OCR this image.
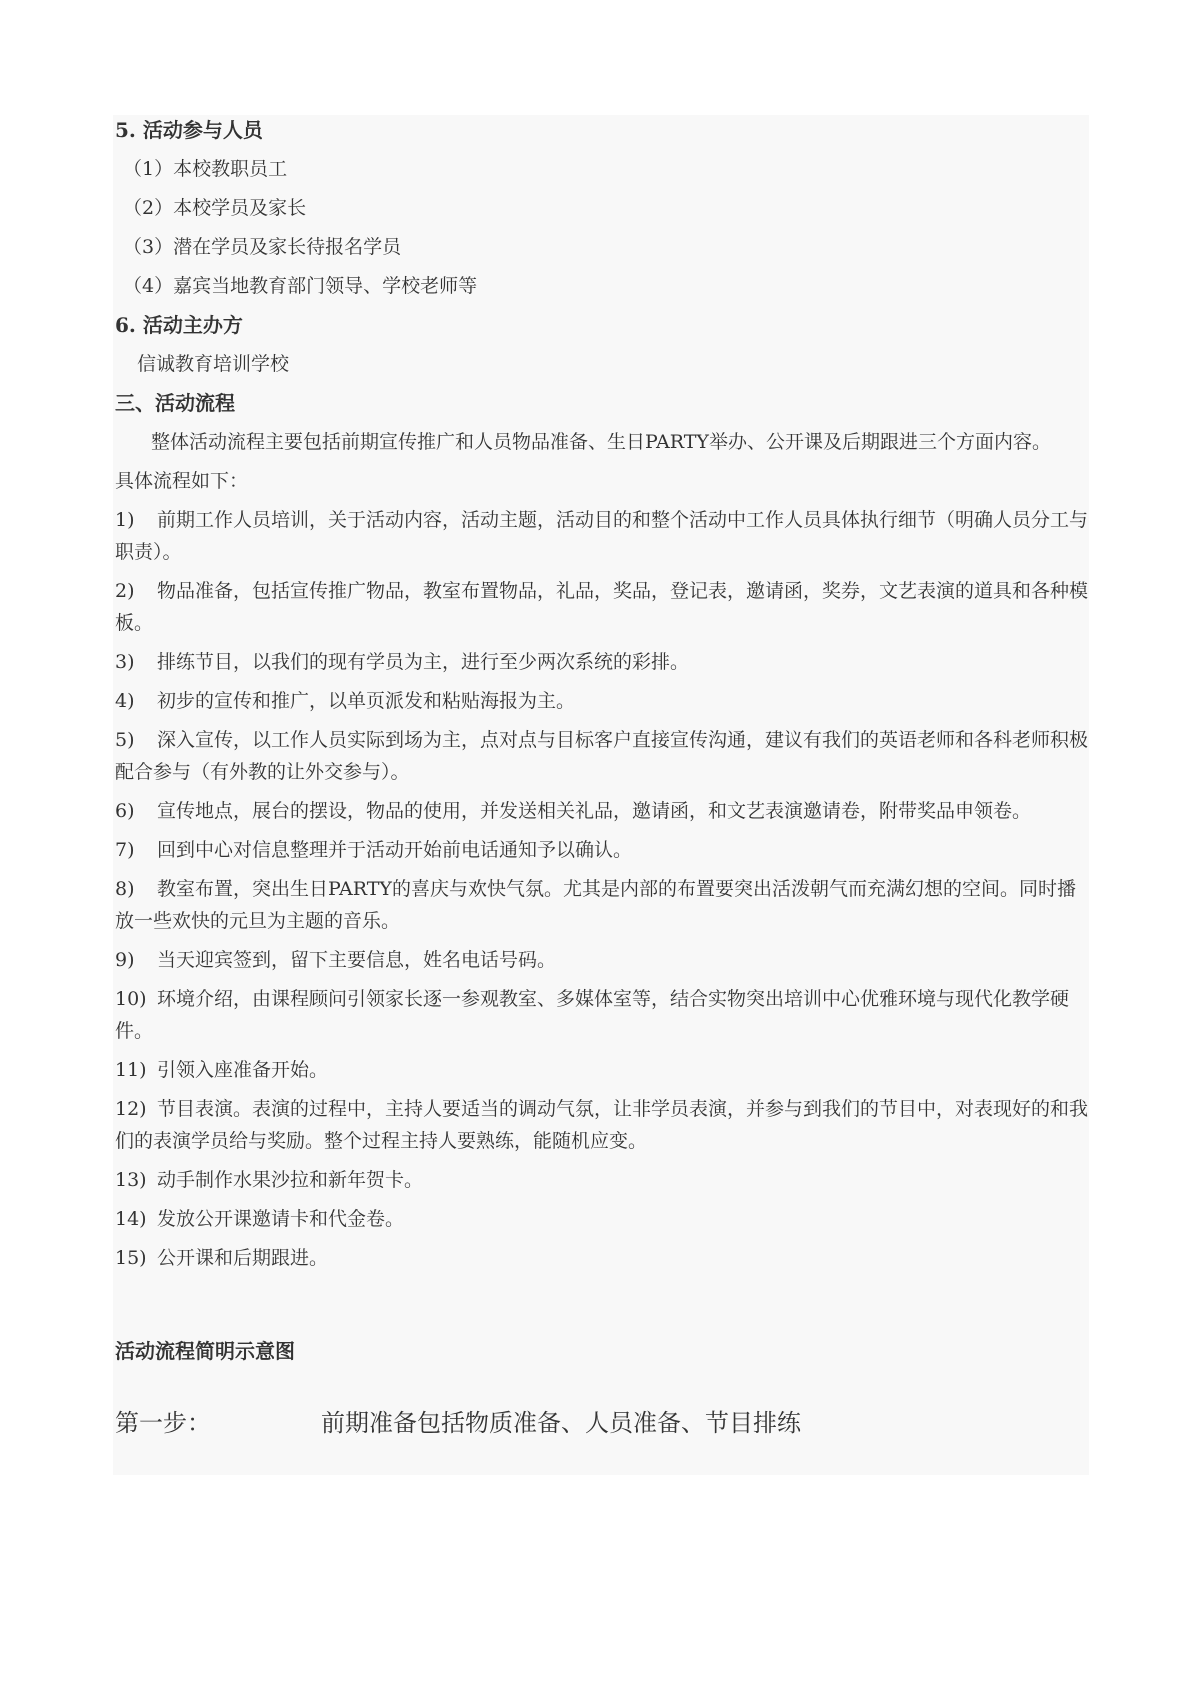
5. 活动参与人员
（1）本校教职员工
（2）本校学员及家长
（3）潜在学员及家长待报名学员
（4）嘉宾当地教育部门领导、学校老师等
6. 活动主办方
信诚教育培训学校
三、活动流程
整体活动流程主要包括前期宣传推广和人员物品准备、生日PARTY举办、公开课及后期跟进三个方面内容。
具体流程如下：
1) 前期工作人员培训，关于活动内容，活动主题，活动目的和整个活动中工作人员具体执行细节（明确人员分工与职责）。
2) 物品准备，包括宣传推广物品，教室布置物品，礼品，奖品，登记表，邀请函，奖券，文艺表演的道具和各种模板。
3) 排练节目，以我们的现有学员为主，进行至少两次系统的彩排。
4) 初步的宣传和推广，以单页派发和粘贴海报为主。
5) 深入宣传，以工作人员实际到场为主，点对点与目标客户直接宣传沟通，建议有我们的英语老师和各科老师积极配合参与（有外教的让外交参与）。
6) 宣传地点，展台的摆设，物品的使用，并发送相关礼品，邀请函，和文艺表演邀请卷，附带奖品申领卷。
7) 回到中心对信息整理并于活动开始前电话通知予以确认。
8) 教室布置，突出生日PARTY的喜庆与欢快气氛。尤其是内部的布置要突出活泼朝气而充满幻想的空间。同时播放一些欢快的元旦为主题的音乐。
9) 当天迎宾签到，留下主要信息，姓名电话号码。
10) 环境介绍，由课程顾问引领家长逐一参观教室、多媒体室等，结合实物突出培训中心优雅环境与现代化教学硬件。
11) 引领入座准备开始。
12) 节目表演。表演的过程中，主持人要适当的调动气氛，让非学员表演，并参与到我们的节目中，对表现好的和我们的表演学员给与奖励。整个过程主持人要熟练，能随机应变。
13) 动手制作水果沙拉和新年贺卡。
14) 发放公开课邀请卡和代金卷。
15) 公开课和后期跟进。
活动流程简明示意图
第一步：	前期准备包括物质准备、人员准备、节目排练
